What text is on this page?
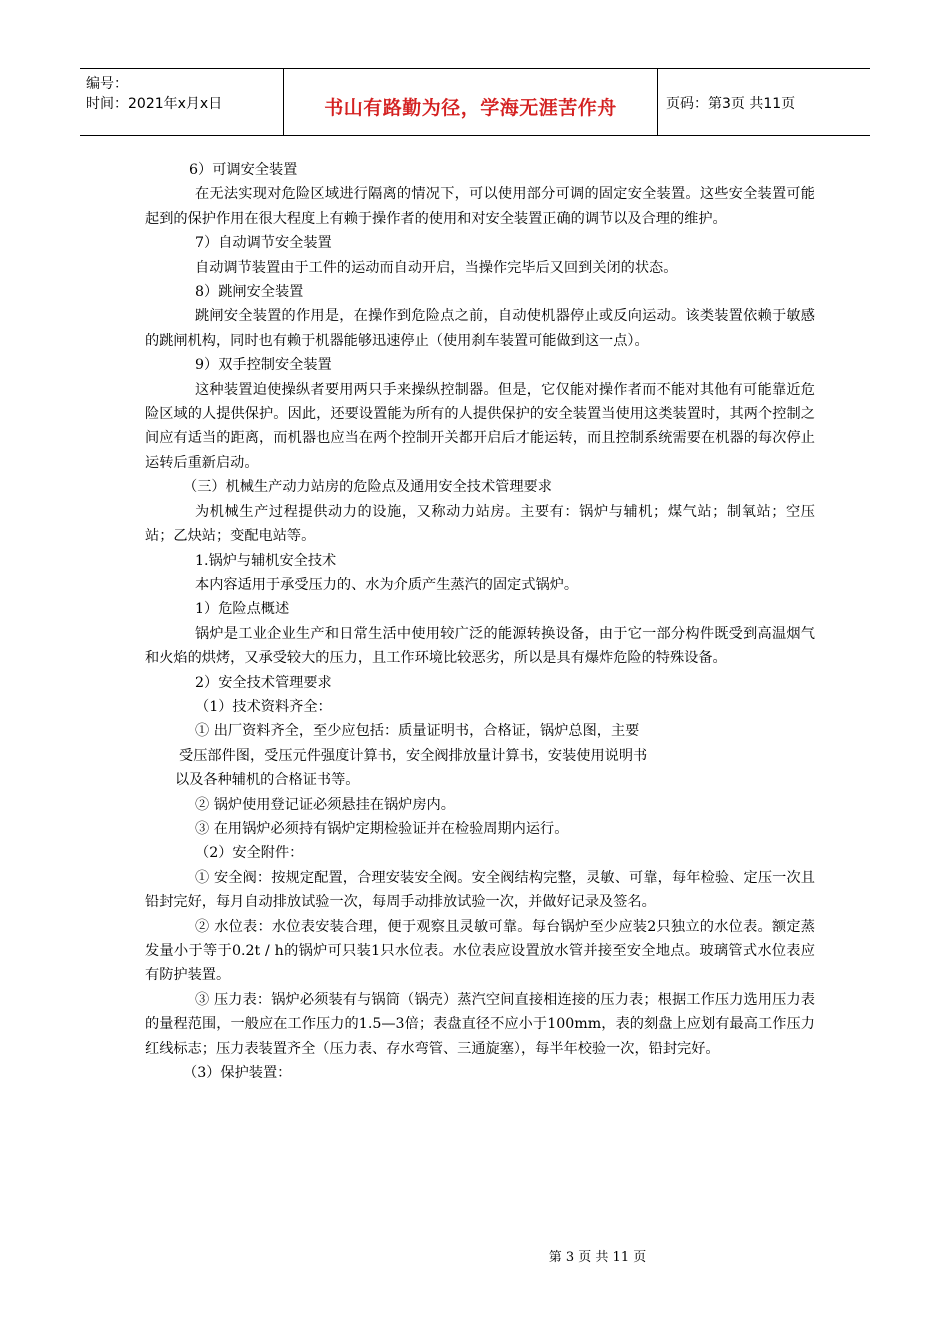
编号：
时间：2021年x月x日	书山有路勤为径，学海无涯苦作舟	页码：第3页 共11页

6）可调安全装置

在无法实现对危险区域进行隔离的情况下，可以使用部分可调的固定安全装置。这些安全装置可能起到的保护作用在很大程度上有赖于操作者的使用和对安全装置正确的调节以及合理的维护。

7）自动调节安全装置

自动调节装置由于工件的运动而自动开启，当操作完毕后又回到关闭的状态。

8）跳闸安全装置

跳闸安全装置的作用是，在操作到危险点之前，自动使机器停止或反向运动。该类装置依赖于敏感的跳闸机构，同时也有赖于机器能够迅速停止（使用刹车装置可能做到这一点）。

9）双手控制安全装置

这种装置迫使操纵者要用两只手来操纵控制器。但是，它仅能对操作者而不能对其他有可能靠近危险区域的人提供保护。因此，还要设置能为所有的人提供保护的安全装置当使用这类装置时，其两个控制之间应有适当的距离，而机器也应当在两个控制开关都开启后才能运转，而且控制系统需要在机器的每次停止运转后重新启动。

（三）机械生产动力站房的危险点及通用安全技术管理要求

为机械生产过程提供动力的设施，又称动力站房。主要有：锅炉与辅机；煤气站；制氧站；空压站；乙炔站；变配电站等。

1.锅炉与辅机安全技术

本内容适用于承受压力的、水为介质产生蒸汽的固定式锅炉。

1）危险点概述

锅炉是工业企业生产和日常生活中使用较广泛的能源转换设备，由于它一部分构件既受到高温烟气和火焰的烘烤，又承受较大的压力，且工作环境比较恶劣，所以是具有爆炸危险的特殊设备。

2）安全技术管理要求

（1）技术资料齐全：

① 出厂资料齐全，至少应包括：质量证明书，合格证，锅炉总图，主要

受压部件图，受压元件强度计算书，安全阀排放量计算书，安装使用说明书

以及各种辅机的合格证书等。

② 锅炉使用登记证必须悬挂在锅炉房内。

③ 在用锅炉必须持有锅炉定期检验证并在检验周期内运行。

（2）安全附件：

① 安全阀：按规定配置，合理安装安全阀。安全阀结构完整，灵敏、可靠，每年检验、定压一次且铅封完好，每月自动排放试验一次，每周手动排放试验一次，并做好记录及签名。

② 水位表：水位表安装合理，便于观察且灵敏可靠。每台锅炉至少应装2只独立的水位表。额定蒸发量小于等于0.2t / h的锅炉可只装1只水位表。水位表应设置放水管并接至安全地点。玻璃管式水位表应有防护装置。

③ 压力表：锅炉必须装有与锅筒（锅壳）蒸汽空间直接相连接的压力表；根据工作压力选用压力表的量程范围，一般应在工作压力的1.5—3倍；表盘直径不应小于100mm，表的刻盘上应划有最高工作压力红线标志；压力表装置齐全（压力表、存水弯管、三通旋塞），每半年校验一次，铅封完好。

（3）保护装置：

第 3 页 共 11 页
